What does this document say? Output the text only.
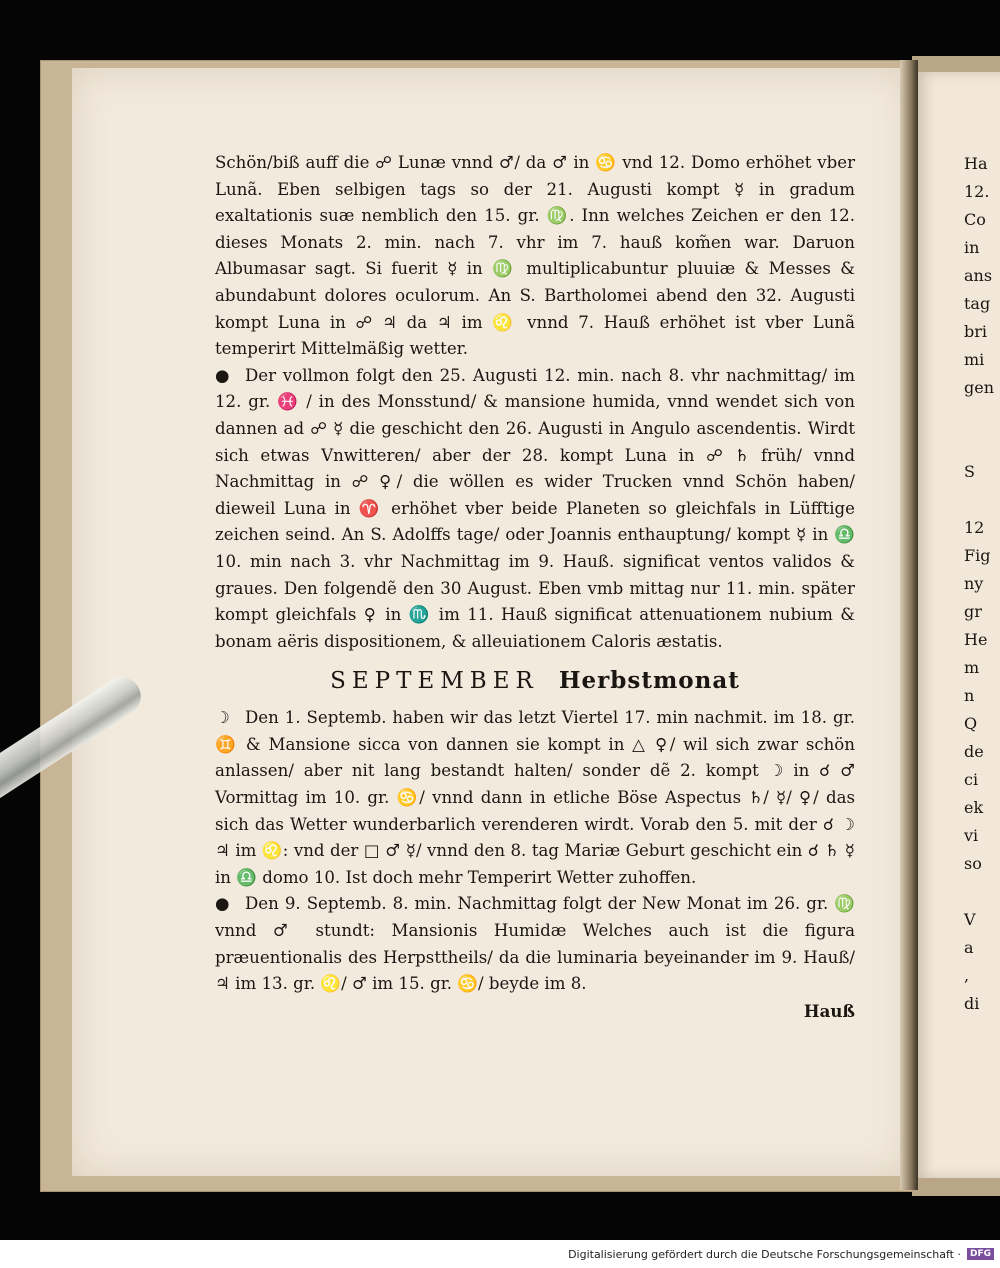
Schön/biß auff die ☍ Lunæ vnnd ♂/ da ♂ in ♋ vnd 12. Domo erhöhet vber Lunã. Eben selbigen tags so der 21. Augusti kompt ☿ in gradum exaltationis suæ nemblich den 15. gr. ♍. Inn welches Zeichen er den 12. dieses Monats 2. min. nach 7. vhr im 7. hauß kom̃en war. Daruon Albumasar sagt. Si fuerit ☿ in ♍ multiplicabuntur pluuiæ & Messes & abundabunt dolores oculorum. An S. Bartholomei abend den 32. Augusti kompt Luna in ☍ ♃ da ♃ im ♌ vnnd 7. Hauß erhöhet ist vber Lunã temperirt Mittelmäßig wetter.

● Der vollmon folgt den 25. Augusti 12. min. nach 8. vhr nachmittag/ im 12. gr. ♓ / in des Monsstund/ & mansione humida, vnnd wendet sich von dannen ad ☍ ☿ die geschicht den 26. Augusti in Angulo ascendentis. Wirdt sich etwas Vnwitteren/ aber der 28. kompt Luna in ☍ ♄ früh/ vnnd Nachmittag in ☍ ♀/ die wöllen es wider Trucken vnnd Schön haben/ dieweil Luna in ♈ erhöhet vber beide Planeten so gleichfals in Lüfftige zeichen seind. An S. Adolffs tage/ oder Joannis enthauptung/ kompt ☿ in ♎ 10. min nach 3. vhr Nachmittag im 9. Hauß. significat ventos validos & graues. Den folgendẽ den 30 August. Eben vmb mittag nur 11. min. später kompt gleichfals ♀ in ♏ im 11. Hauß significat attenuationem nubium & bonam aëris dispositionem, & alleuiationem Caloris æstatis.

SEPTEMBER Herbstmonat

☽ Den 1. Septemb. haben wir das letzt Viertel 17. min nachmit. im 18. gr. ♊ & Mansione sicca von dannen sie kompt in △ ♀/ wil sich zwar schön anlassen/ aber nit lang bestandt halten/ sonder dẽ 2. kompt ☽ in ☌ ♂ Vormittag im 10. gr. ♋/ vnnd dann in etliche Böse Aspectus ♄/ ☿/ ♀/ das sich das Wetter wunderbarlich verenderen wirdt. Vorab den 5. mit der ☌ ☽ ♃ im ♌: vnd der □ ♂ ☿/ vnnd den 8. tag Mariæ Geburt geschicht ein ☌ ♄ ☿ in ♎ domo 10. Ist doch mehr Temperirt Wetter zuhoffen.

● Den 9. Septemb. 8. min. Nachmittag folgt der New Monat im 26. gr. ♍ vnnd ♂ stundt: Mansionis Humidæ Welches auch ist die figura præuentionalis des Herpsttheils/ da die luminaria beyeinander im 9. Hauß/ ♃ im 13. gr. ♌/ ♂ im 15. gr. ♋/ beyde im 8.

Hauß

Ha
12.
Co
in
ans
tag
bri
mi
gen

S

12
Fig
ny
gr
He
m
n
Q
de
ci
ek
vi
so

V
a
,
di
Digitalisierung gefördert durch die Deutsche Forschungsgemeinschaft ·	DFG
